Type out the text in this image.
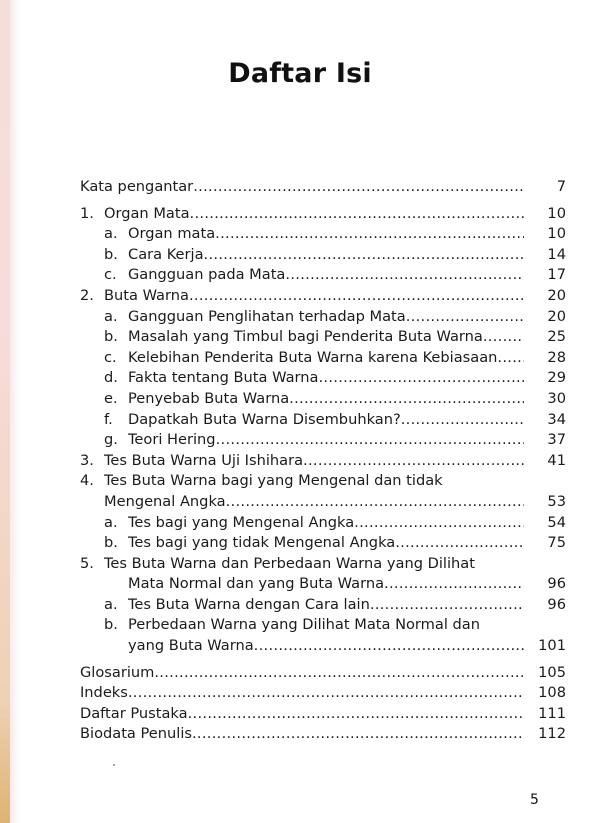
Daftar Isi
Kata pengantar .....	7
1. Organ Mata .....	10
a. Organ mata .....	10
b. Cara Kerja .....	14
c. Gangguan pada Mata .....	17
2. Buta Warna .....	20
a. Gangguan Penglihatan terhadap Mata .....	20
b. Masalah yang Timbul bagi Penderita Buta Warna .....	25
c. Kelebihan Penderita Buta Warna karena Kebiasaan .....	28
d. Fakta tentang Buta Warna .....	29
e. Penyebab Buta Warna .....	30
f.	Dapatkah Buta Warna Disembuhkan? .....	34
g. Teori Hering .....	37
3. Tes Buta Warna Uji Ishihara .....	41
4. Tes Buta Warna bagi yang Mengenal dan tidak
Mengenal Angka .....	53
a. Tes bagi yang Mengenal Angka .....	54
b. Tes bagi yang tidak Mengenal Angka .....	75
5. Tes Buta Warna dan Perbedaan Warna yang Dilihat
Mata Normal dan yang Buta Warna .....	96
a. Tes Buta Warna dengan Cara lain .....	96
b. Perbedaan Warna yang Dilihat Mata Normal dan
yang Buta Warna .....	101
Glosarium .....	105
Indeks .....	108
Daftar Pustaka .....	111
Biodata Penulis .....	112
5
